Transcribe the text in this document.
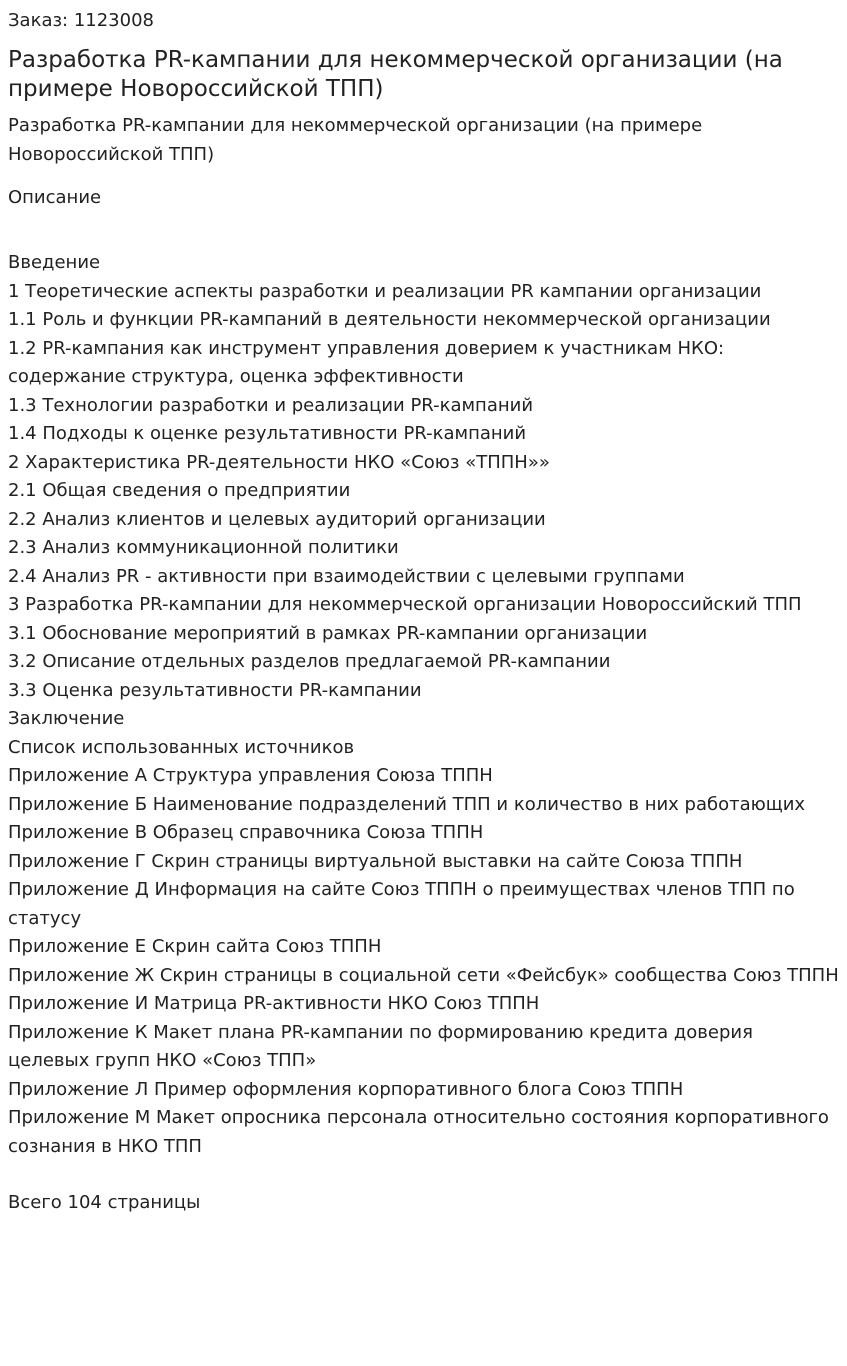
Заказ: 1123008

Разработка PR-кампании для некоммерческой организации (на примере Новороссийской ТПП)

Разработка PR-кампании для некоммерческой организации (на примере Новороссийской ТПП)

Описание

Введение
1 Теоретические аспекты разработки и реализации PR кампании организации
1.1 Роль и функции PR-кампаний в деятельности некоммерческой организации
1.2 PR-кампания как инструмент управления доверием к участникам НКО: содержание структура, оценка эффективности
1.3 Технологии разработки и реализации PR-кампаний
1.4 Подходы к оценке результативности PR-кампаний
2 Характеристика PR-деятельности НКО «Союз «ТППН»»
2.1 Общая сведения о предприятии
2.2 Анализ клиентов и целевых аудиторий организации
2.3 Анализ коммуникационной политики
2.4 Анализ PR - активности при взаимодействии с целевыми группами
3 Разработка PR-кампании для некоммерческой организации Новороссийский ТПП
3.1 Обоснование мероприятий в рамках PR-кампании организации
3.2 Описание отдельных разделов предлагаемой PR-кампании
3.3 Оценка результативности PR-кампании
Заключение
Список использованных источников
Приложение А Структура управления Союза ТППН
Приложение Б Наименование подразделений ТПП и количество в них работающих
Приложение В Образец справочника Союза ТППН
Приложение Г Скрин страницы виртуальной выставки на сайте Союза ТППН
Приложение Д Информация на сайте Союз ТППН о преимуществах членов ТПП по статусу
Приложение Е Скрин сайта Союз ТППН
Приложение Ж Скрин страницы в социальной сети «Фейсбук» сообщества Союз ТППН
Приложение И Матрица PR-активности НКО Союз ТППН
Приложение К Макет плана PR-кампании по формированию кредита доверия целевых групп НКО «Союз ТПП»
Приложение Л Пример оформления корпоративного блога Союз ТППН
Приложение М Макет опросника персонала относительно состояния корпоративного сознания в НКО ТПП

Всего 104 страницы
